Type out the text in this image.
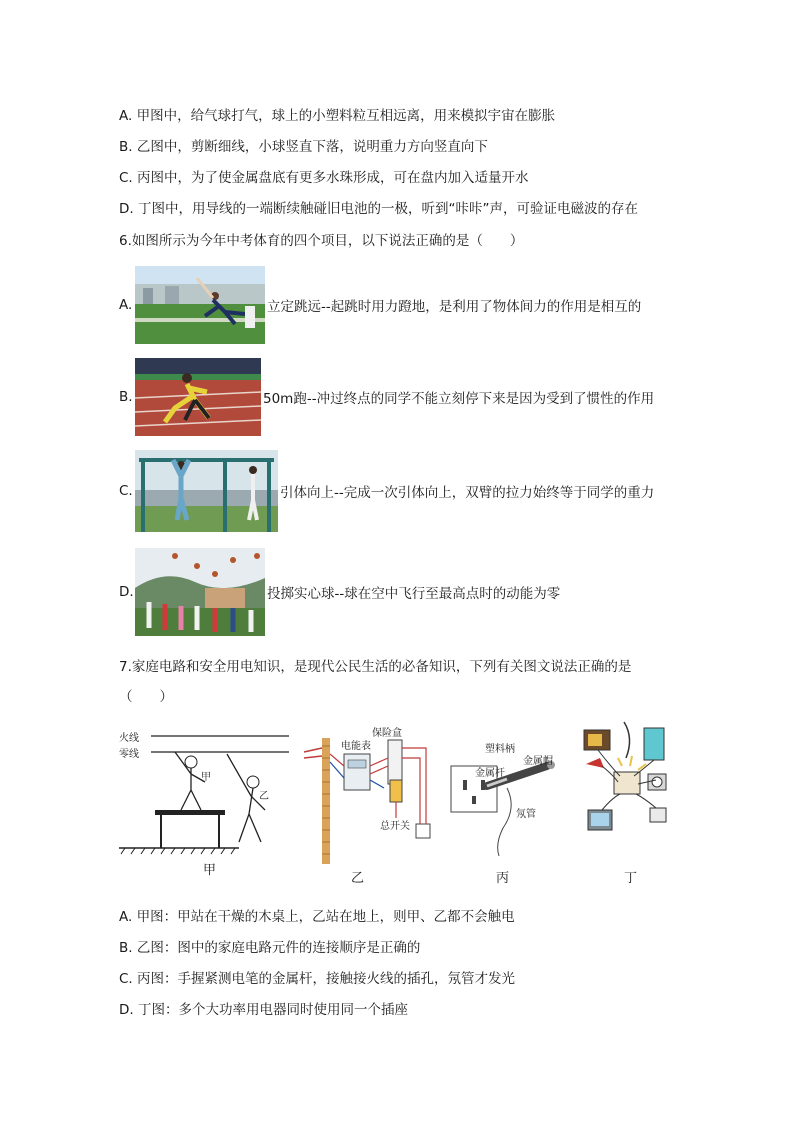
A. 甲图中，给气球打气，球上的小塑料粒互相远离，用来模拟宇宙在膨胀
B. 乙图中，剪断细线，小球竖直下落，说明重力方向竖直向下
C. 丙图中，为了使金属盘底有更多水珠形成，可在盘内加入适量开水
D. 丁图中，用导线的一端断续触碰旧电池的一极，听到“咔咔”声，可验证电磁波的存在
6.如图所示为今年中考体育的四个项目，以下说法正确的是（　　）
A.	立定跳远--起跳时用力蹬地，是利用了物体间力的作用是相互的
B.	50m跑--冲过终点的同学不能立刻停下来是因为受到了惯性的作用
C.	引体向上--完成一次引体向上，双臂的拉力始终等于同学的重力
D.	投掷实心球--球在空中飞行至最高点时的动能为零
7.家庭电路和安全用电知识，是现代公民生活的必备知识，下列有关图文说法正确的是
（　　）
火线
零线
甲
乙
甲
电能表
保险盒
总开关
乙
塑料柄
金属帽
金属杆
氖管
丙	丁
A. 甲图：甲站在干燥的木桌上，乙站在地上，则甲、乙都不会触电
B. 乙图：图中的家庭电路元件的连接顺序是正确的
C. 丙图：手握紧测电笔的金属杆，接触接火线的插孔，氖管才发光
D. 丁图：多个大功率用电器同时使用同一个插座
